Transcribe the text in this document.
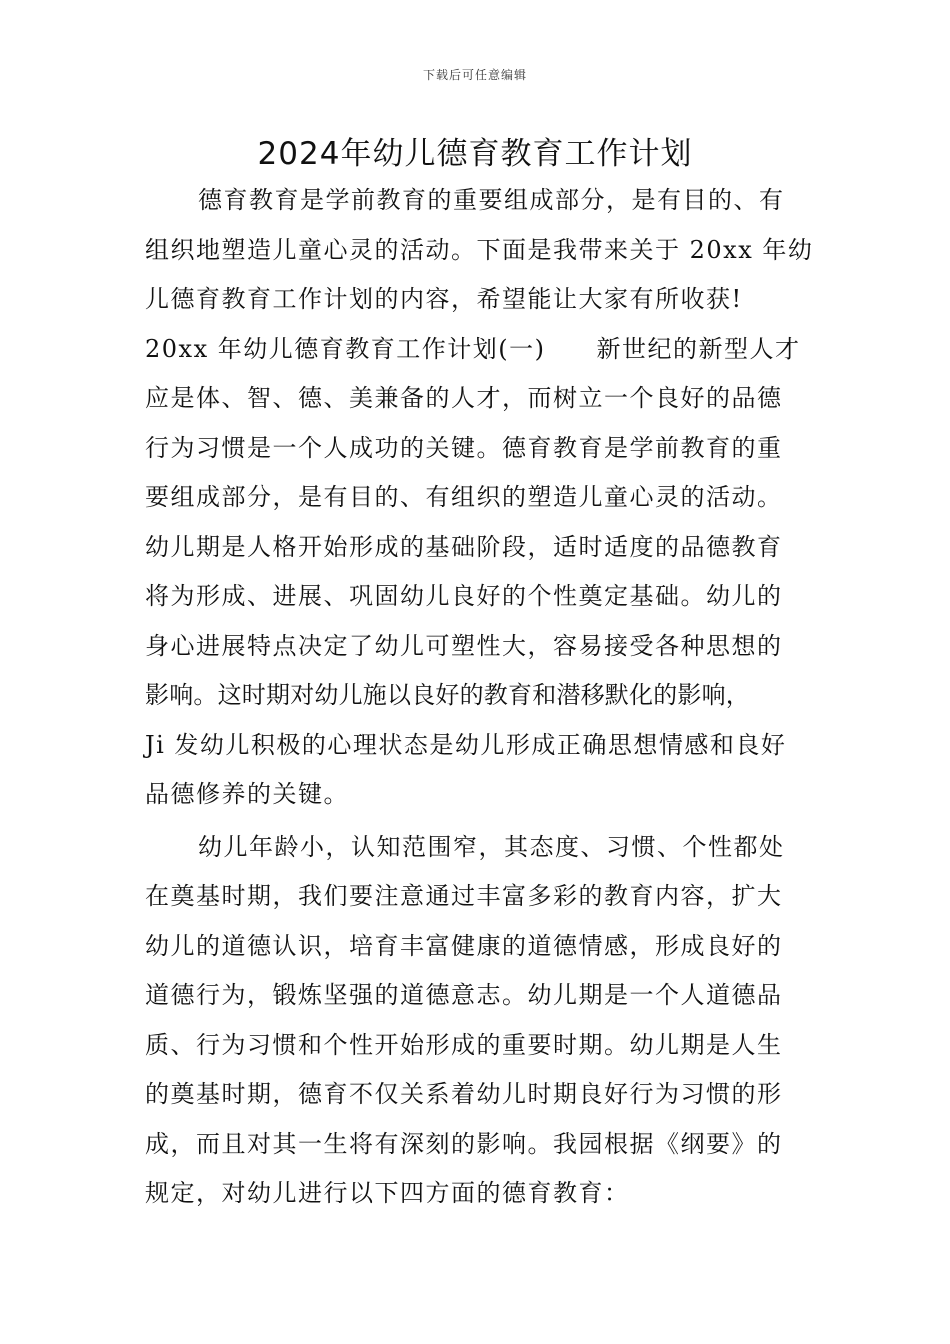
下载后可任意编辑
2024年幼儿德育教育工作计划
德育教育是学前教育的重要组成部分，是有目的、有
组织地塑造儿童心灵的活动。下面是我带来关于 20xx 年幼
儿德育教育工作计划的内容，希望能让大家有所收获!
20xx 年幼儿德育教育工作计划(一)　　新世纪的新型人才
应是体、智、德、美兼备的人才，而树立一个良好的品德
行为习惯是一个人成功的关键。德育教育是学前教育的重
要组成部分，是有目的、有组织的塑造儿童心灵的活动。
幼儿期是人格开始形成的基础阶段，适时适度的品德教育
将为形成、进展、巩固幼儿良好的个性奠定基础。幼儿的
身心进展特点决定了幼儿可塑性大，容易接受各种思想的
影响。这时期对幼儿施以良好的教育和潜移默化的影响，
Ji 发幼儿积极的心理状态是幼儿形成正确思想情感和良好
品德修养的关键。
幼儿年龄小，认知范围窄，其态度、习惯、个性都处
在奠基时期，我们要注意通过丰富多彩的教育内容，扩大
幼儿的道德认识，培育丰富健康的道德情感，形成良好的
道德行为，锻炼坚强的道德意志。幼儿期是一个人道德品
质、行为习惯和个性开始形成的重要时期。幼儿期是人生
的奠基时期，德育不仅关系着幼儿时期良好行为习惯的形
成，而且对其一生将有深刻的影响。我园根据《纲要》的
规定，对幼儿进行以下四方面的德育教育：
